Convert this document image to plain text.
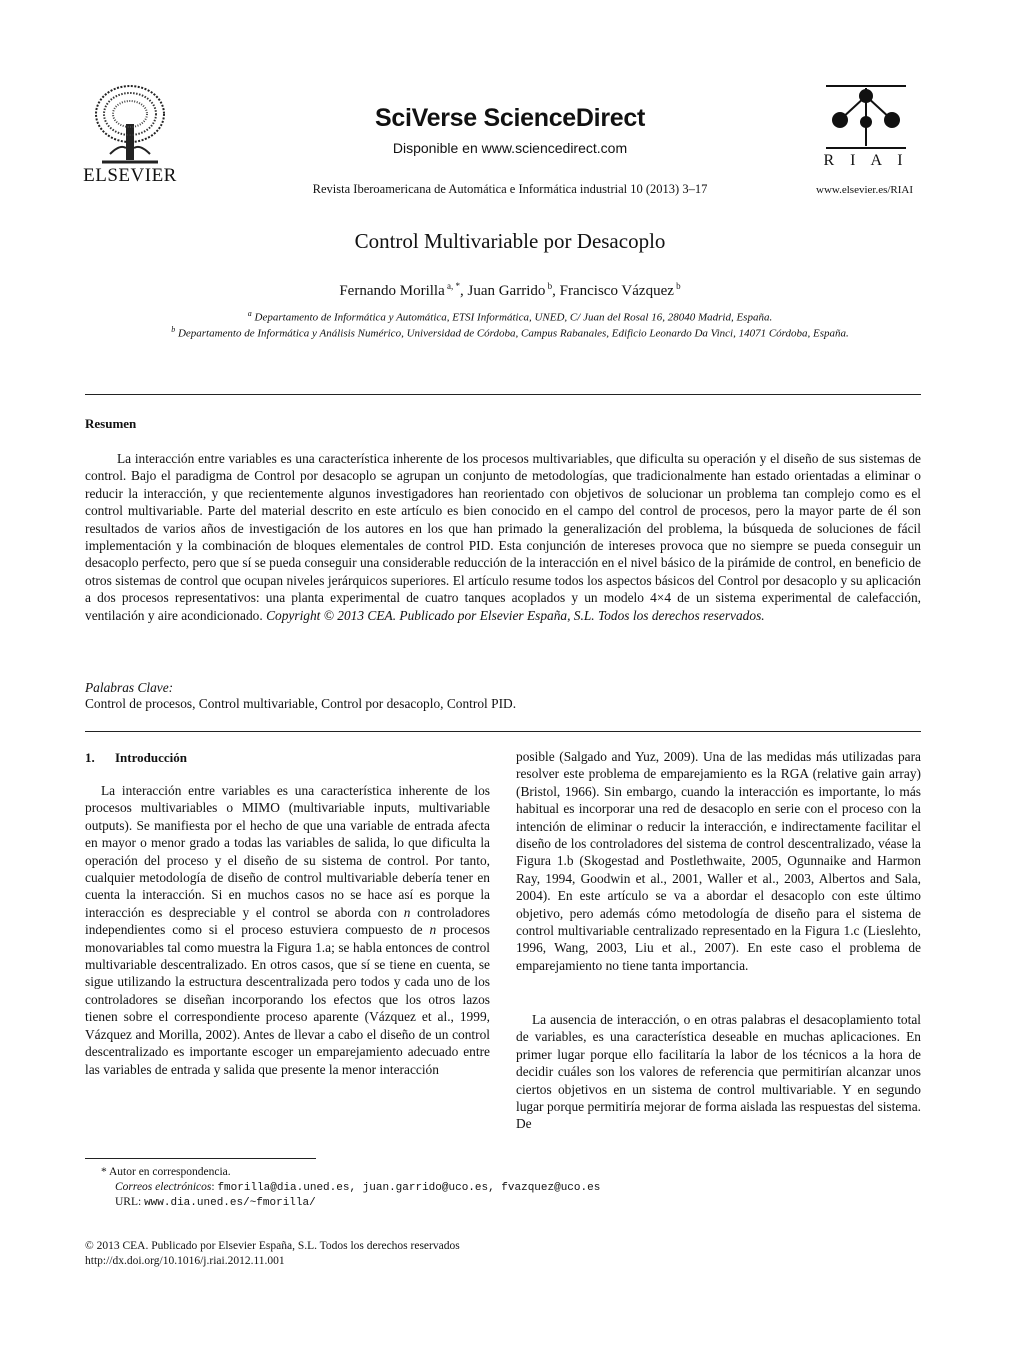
ELSEVIER
SciVerse ScienceDirect
Disponible en www.sciencedirect.com
Revista Iberoamericana de Automática e Informática industrial 10 (2013) 3–17
R I A I
www.elsevier.es/RIAI
Control Multivariable por Desacoplo
Fernando Morilla $^{a, *}$, Juan Garrido $^b$, Francisco Vázquez $^b$
$^a$ Departamento de Informática y Automática, ETSI Informática, UNED, C/ Juan del Rosal 16, 28040 Madrid, España.
$^b$ Departamento de Informática y Análisis Numérico, Universidad de Córdoba, Campus Rabanales, Edificio Leonardo Da Vinci, 14071 Córdoba, España.
Resumen
La interacción entre variables es una característica inherente de los procesos multivariables, que dificulta su operación y el diseño de sus sistemas de control. Bajo el paradigma de Control por desacoplo se agrupan un conjunto de metodologías, que tradicionalmente han estado orientadas a eliminar o reducir la interacción, y que recientemente algunos investigadores han reorientado con objetivos de solucionar un problema tan complejo como es el control multivariable. Parte del material descrito en este artículo es bien conocido en el campo del control de procesos, pero la mayor parte de él son resultados de varios años de investigación de los autores en los que han primado la generalización del problema, la búsqueda de soluciones de fácil implementación y la combinación de bloques elementales de control PID. Esta conjunción de intereses provoca que no siempre se pueda conseguir un desacoplo perfecto, pero que sí se pueda conseguir una considerable reducción de la interacción en el nivel básico de la pirámide de control, en beneficio de otros sistemas de control que ocupan niveles jerárquicos superiores. El artículo resume todos los aspectos básicos del Control por desacoplo y su aplicación a dos procesos representativos: una planta experimental de cuatro tanques acoplados y un modelo 4×4 de un sistema experimental de calefacción, ventilación y aire acondicionado. Copyright © 2013 CEA. Publicado por Elsevier España, S.L. Todos los derechos reservados.
Palabras Clave:
Control de procesos, Control multivariable, Control por desacoplo, Control PID.
1. Introducción
La interacción entre variables es una característica inherente de los procesos multivariables o MIMO (multivariable inputs, multivariable outputs). Se manifiesta por el hecho de que una variable de entrada afecta en mayor o menor grado a todas las variables de salida, lo que dificulta la operación del proceso y el diseño de su sistema de control. Por tanto, cualquier metodología de diseño de control multivariable debería tener en cuenta la interacción. Si en muchos casos no se hace así es porque la interacción es despreciable y el control se aborda con n controladores independientes como si el proceso estuviera compuesto de n procesos monovariables tal como muestra la Figura 1.a; se habla entonces de control multivariable descentralizado. En otros casos, que sí se tiene en cuenta, se sigue utilizando la estructura descentralizada pero todos y cada uno de los controladores se diseñan incorporando los efectos que los otros lazos tienen sobre el correspondiente proceso aparente (Vázquez et al., 1999, Vázquez and Morilla, 2002). Antes de llevar a cabo el diseño de un control descentralizado es importante escoger un emparejamiento adecuado entre las variables de entrada y salida que presente la menor interacción
posible (Salgado and Yuz, 2009). Una de las medidas más utilizadas para resolver este problema de emparejamiento es la RGA (relative gain array) (Bristol, 1966). Sin embargo, cuando la interacción es importante, lo más habitual es incorporar una red de desacoplo en serie con el proceso con la intención de eliminar o reducir la interacción, e indirectamente facilitar el diseño de los controladores del sistema de control descentralizado, véase la Figura 1.b (Skogestad and Postlethwaite, 2005, Ogunnaike and Harmon Ray, 1994, Goodwin et al., 2001, Waller et al., 2003, Albertos and Sala, 2004). En este artículo se va a abordar el desacoplo con este último objetivo, pero además cómo metodología de diseño para el sistema de control multivariable centralizado representado en la Figura 1.c (Lieslehto, 1996, Wang, 2003, Liu et al., 2007). En este caso el problema de emparejamiento no tiene tanta importancia.
La ausencia de interacción, o en otras palabras el desacoplamiento total de variables, es una característica deseable en muchas aplicaciones. En primer lugar porque ello facilitaría la labor de los técnicos a la hora de decidir cuáles son los valores de referencia que permitirían alcanzar unos ciertos objetivos en un sistema de control multivariable. Y en segundo lugar porque permitiría mejorar de forma aislada las respuestas del sistema. De
* Autor en correspondencia.
Correos electrónicos: fmorilla@dia.uned.es, juan.garrido@uco.es, fvazquez@uco.es
URL: www.dia.uned.es/~fmorilla/
© 2013 CEA. Publicado por Elsevier España, S.L. Todos los derechos reservados
http://dx.doi.org/10.1016/j.riai.2012.11.001
